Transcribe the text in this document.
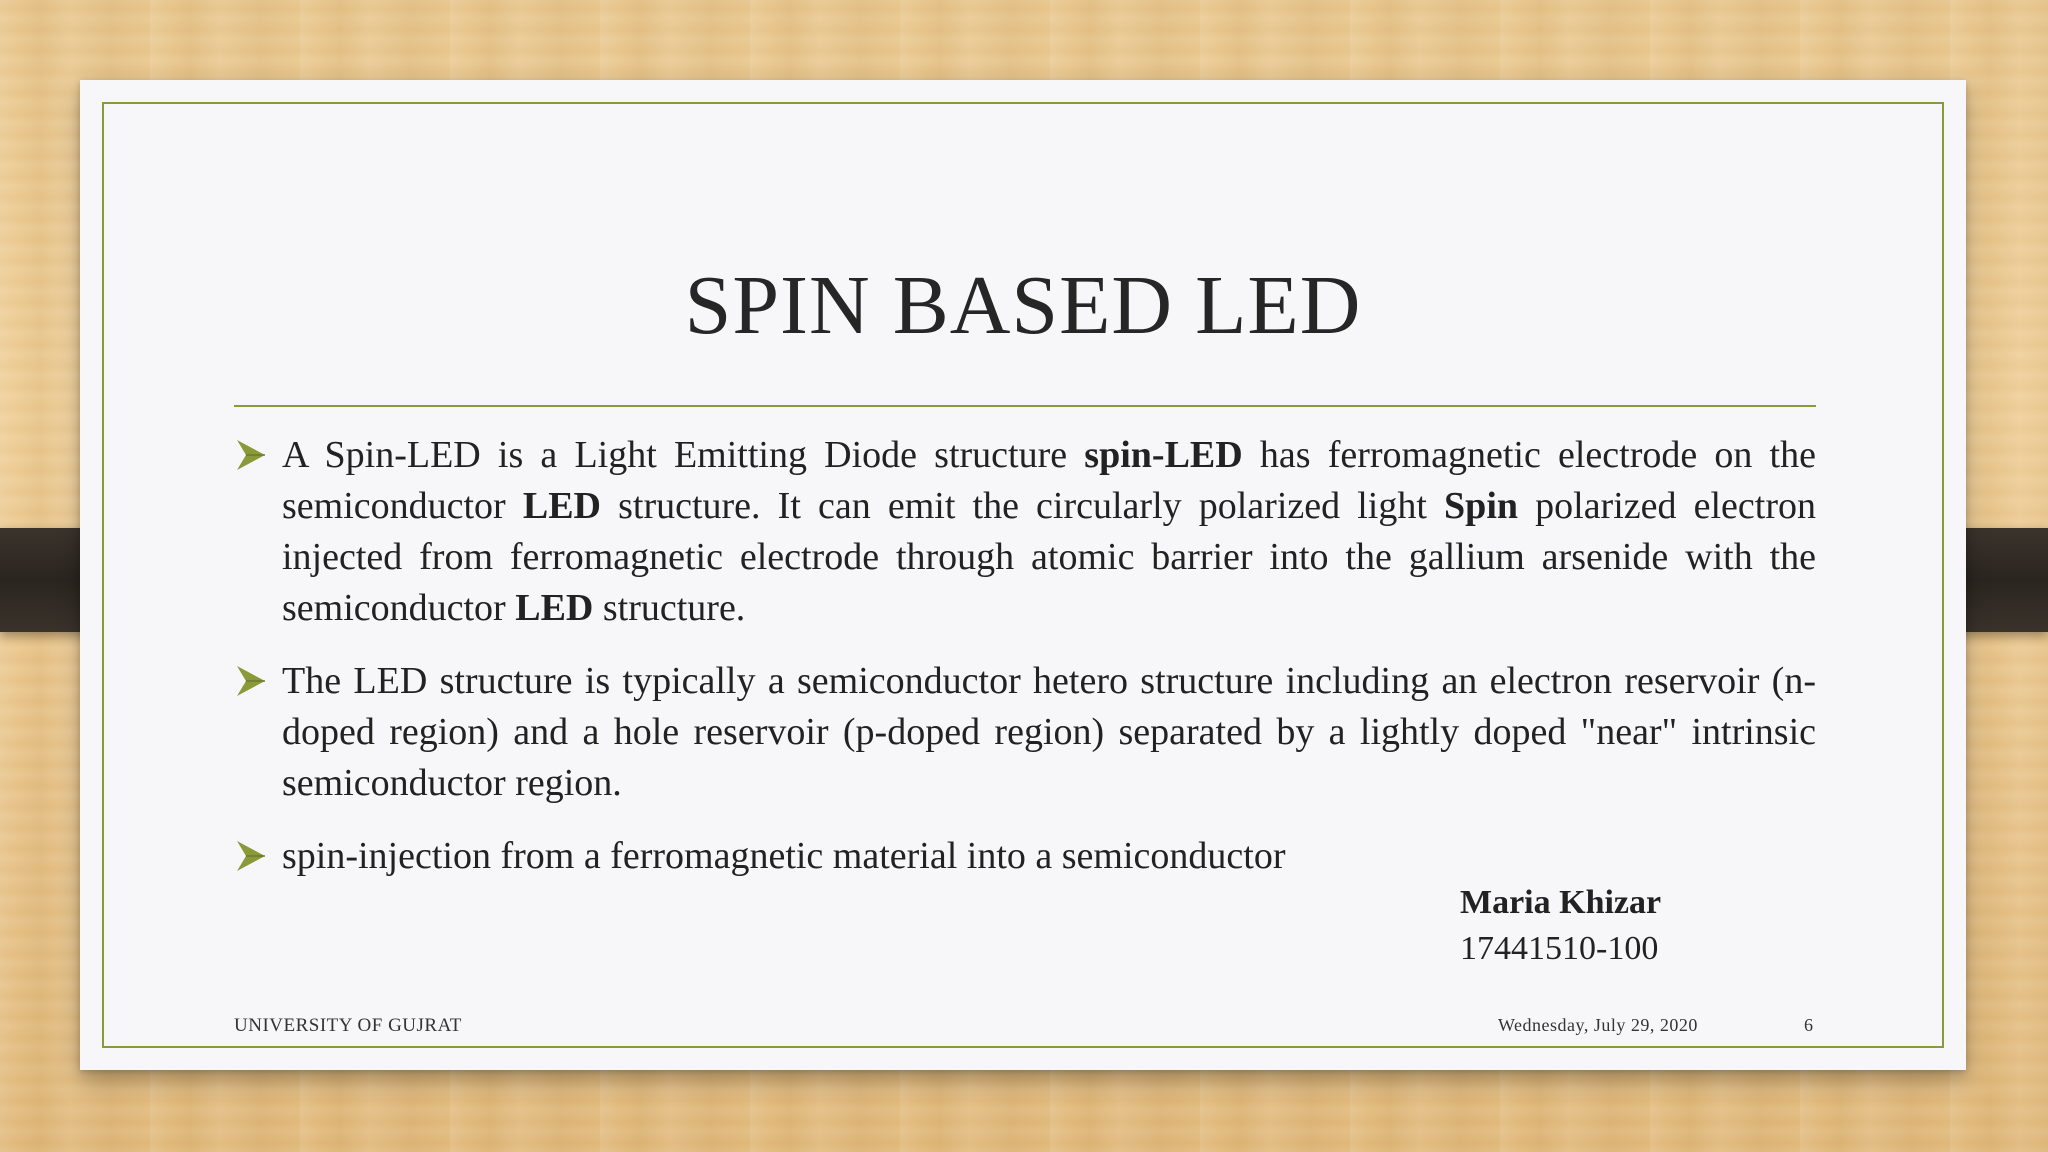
SPIN BASED LED
A Spin-LED is a Light Emitting Diode structure spin-LED has ferromagnetic electrode on the semiconductor LED structure. It can emit the circularly polarized light Spin polarized electron injected from ferromagnetic electrode through atomic barrier into the gallium arsenide with the semiconductor LED structure.
The LED structure is typically a semiconductor hetero structure including an electron reservoir (n-doped region) and a hole reservoir (p-doped region) separated by a lightly doped "near" intrinsic semiconductor region.
spin-injection from a ferromagnetic material into a semiconductor
Maria Khizar
17441510-100
UNIVERSITY OF GUJRAT	Wednesday, July 29, 2020	6
